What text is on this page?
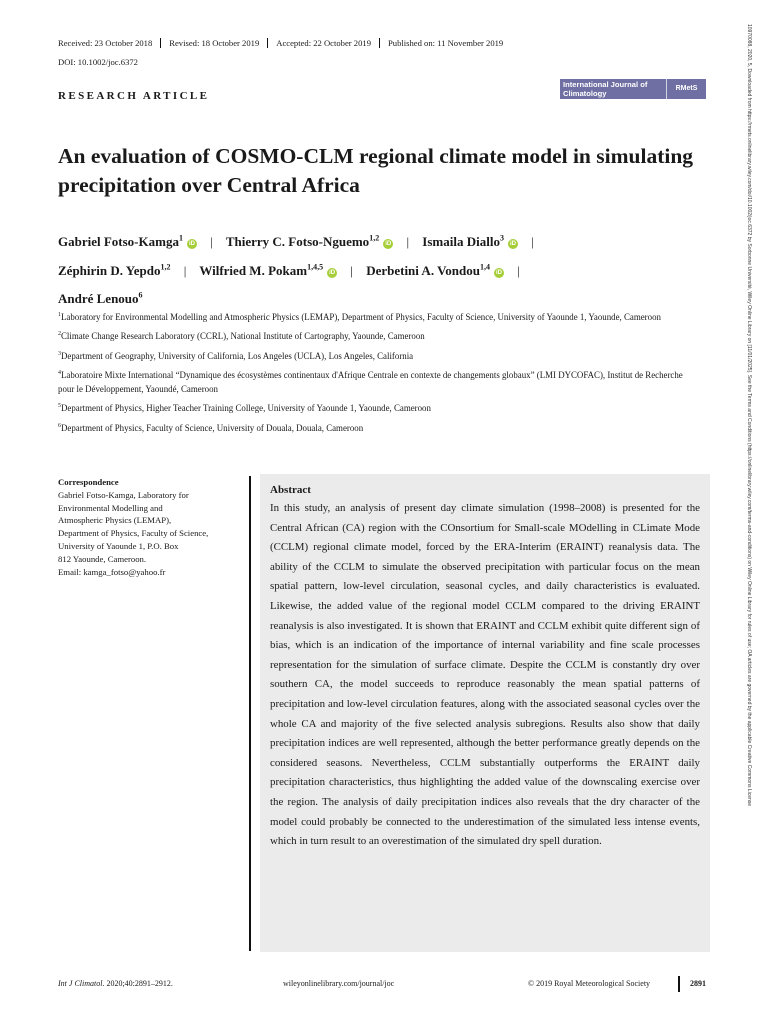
Received: 23 October 2018 Revised: 18 October 2019 Accepted: 22 October 2019 Published on: 11 November 2019
DOI: 10.1002/joc.6372
RESEARCH ARTICLE
International Journal of Climatology
RMetS
An evaluation of COSMO-CLM regional climate model in simulating precipitation over Central Africa
Gabriel Fotso-Kamga$^1$iD | Thierry C. Fotso-Nguemo$^{1,2}$iD | Ismaila Diallo$^3$iD |
Zéphirin D. Yepdo$^{1,2}$ | Wilfried M. Pokam$^{1,4,5}$iD | Derbetini A. Vondou$^{1,4}$iD |
André Lenouo$^6$

$^1$Laboratory for Environmental Modelling and Atmospheric Physics (LEMAP), Department of Physics, Faculty of Science, University of Yaounde 1, Yaounde, Cameroon

$^2$Climate Change Research Laboratory (CCRL), National Institute of Cartography, Yaounde, Cameroon

$^3$Department of Geography, University of California, Los Angeles (UCLA), Los Angeles, California

$^4$Laboratoire Mixte International “Dynamique des écosystèmes continentaux d'Afrique Centrale en contexte de changements globaux” (LMI DYCOFAC), Institut de Recherche pour le Développement, Yaoundé, Cameroon

$^5$Department of Physics, Higher Teacher Training College, University of Yaounde 1, Yaounde, Cameroon

$^6$Department of Physics, Faculty of Science, University of Douala, Douala, Cameroon

Correspondence
Gabriel Fotso-Kamga, Laboratory for
Environmental Modelling and
Atmospheric Physics (LEMAP),
Department of Physics, Faculty of Science,
University of Yaounde 1, P.O. Box
812 Yaounde, Cameroon.
Email: kamga_fotso@yahoo.fr
Abstract

In this study, an analysis of present day climate simulation (1998–2008) is presented for the Central African (CA) region with the COnsortium for Small-scale MOdelling in CLimate Mode (CCLM) regional climate model, forced by the ERA-Interim (ERAINT) reanalysis data. The ability of the CCLM to simulate the observed precipitation with particular focus on the mean spatial pattern, low-level circulation, seasonal cycles, and daily characteristics is evaluated. Likewise, the added value of the regional model CCLM compared to the driving ERAINT reanalysis is also investigated. It is shown that ERAINT and CCLM exhibit quite different sign of bias, which is an indication of the importance of internal variability and fine scale processes representation for the simulation of surface climate. Despite the CCLM is constantly dry over southern CA, the model succeeds to reproduce reasonably the mean spatial patterns of precipitation and low-level circulation features, along with the associated seasonal cycles over the whole CA and majority of the five selected analysis subregions. Results also show that daily precipitation indices are well represented, although the better performance greatly depends on the considered seasons. Nevertheless, CCLM substantially outperforms the ERAINT daily precipitation characteristics, thus highlighting the added value of the downscaling exercise over the region. The analysis of daily precipitation indices also reveals that the dry character of the model could probably be connected to the underestimation of the simulated less intense events, which in turn result to an overestimation of the simulated dry spell duration.

Int J Climatol. 2020;40:2891–2912.	wileyonlinelibrary.com/journal/joc	© 2019 Royal Meteorological Society	2891
10970088, 2020, 5, Downloaded from https://rmets.onlinelibrary.wiley.com/doi/10.1002/joc.6372 by Sorbonne Université, Wiley Online Library on [11/01/2025]. See the Terms and Conditions (https://onlinelibrary.wiley.com/terms-and-conditions) on Wiley Online Library for rules of use; OA articles are governed by the applicable Creative Commons License
